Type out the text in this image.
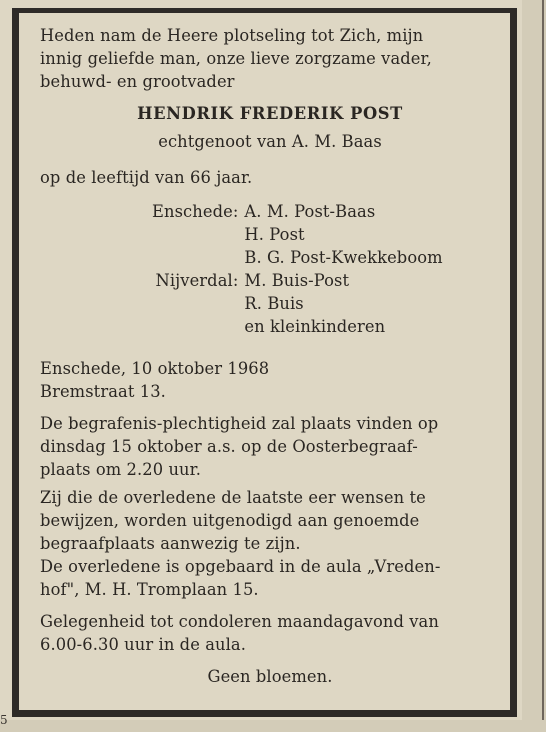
5

Heden nam de Heere plotseling tot Zich, mijn

innig geliefde man, onze lieve zorgzame vader,

behuwd- en grootvader

HENDRIK FREDERIK POST

echtgenoot van A. M. Baas

op de leeftijd van 66 jaar.

Enschede: A. M. Post-Baas
H. Post
B. G. Post-Kwekkeboom
Nijverdal: M. Buis-Post
R. Buis
en kleinkinderen

Enschede, 10 oktober 1968

Bremstraat 13.

De begrafenis-plechtigheid zal plaats vinden op

dinsdag 15 oktober a.s. op de Oosterbegraaf-

plaats om 2.20 uur.

Zij die de overledene de laatste eer wensen te

bewijzen, worden uitgenodigd aan genoemde

begraafplaats aanwezig te zijn.

De overledene is opgebaard in de aula „Vreden-

hof", M. H. Tromplaan 15.

Gelegenheid tot condoleren maandagavond van

6.00-6.30 uur in de aula.

Geen bloemen.
